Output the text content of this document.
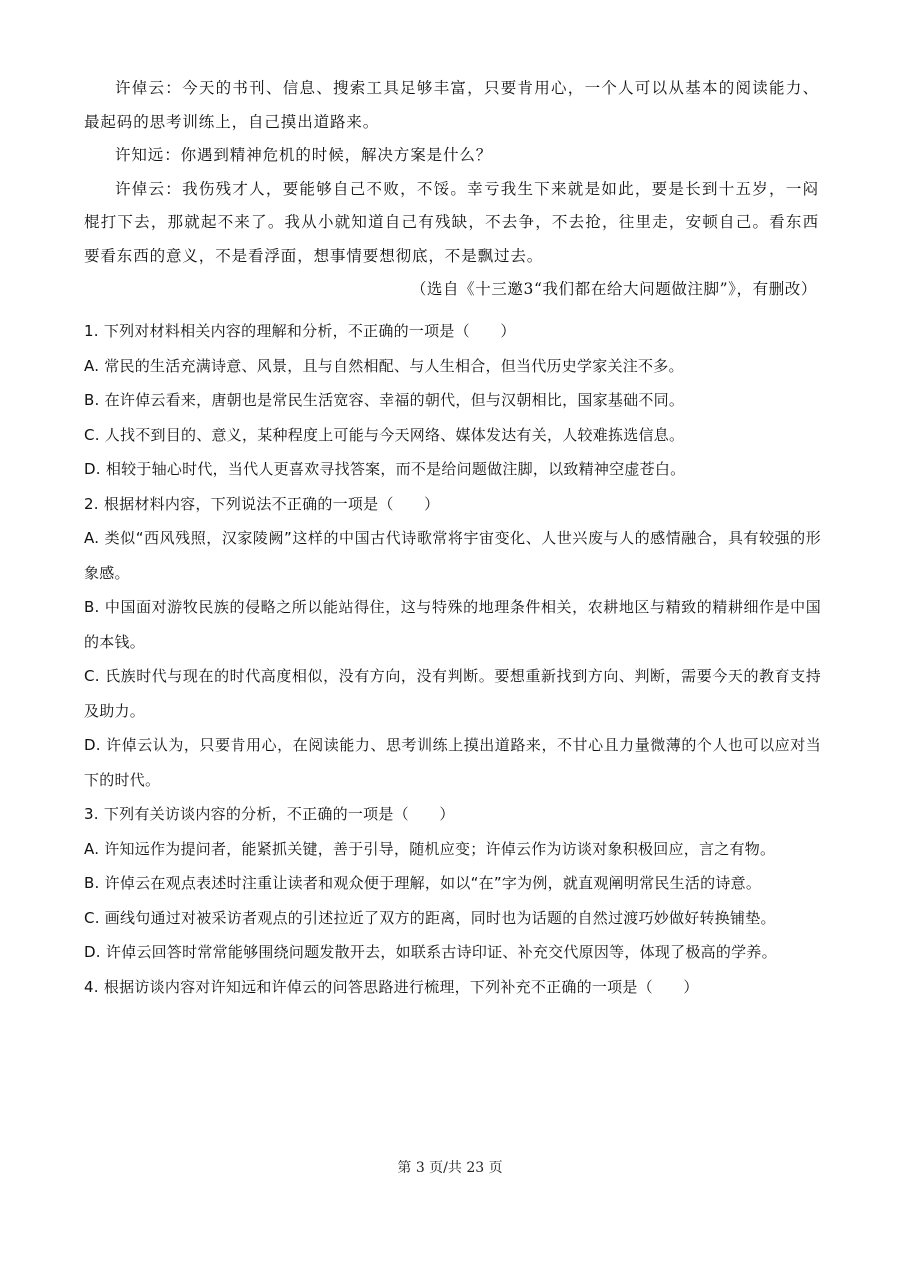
许倬云：今天的书刊、信息、搜索工具足够丰富，只要肯用心，一个人可以从基本的阅读能力、最起码的思考训练上，自己摸出道路来。

许知远：你遇到精神危机的时候，解决方案是什么？

许倬云：我伤残才人，要能够自己不败，不馁。幸亏我生下来就是如此，要是长到十五岁，一闷棍打下去，那就起不来了。我从小就知道自己有残缺，不去争，不去抢，往里走，安顿自己。看东西要看东西的意义，不是看浮面，想事情要想彻底，不是飘过去。

（选自《十三邀3“我们都在给大问题做注脚”》，有删改）

1. 下列对材料相关内容的理解和分析，不正确的一项是（　　）

A. 常民的生活充满诗意、风景，且与自然相配、与人生相合，但当代历史学家关注不多。

B. 在许倬云看来，唐朝也是常民生活宽容、幸福的朝代，但与汉朝相比，国家基础不同。

C. 人找不到目的、意义，某种程度上可能与今天网络、媒体发达有关，人较难拣选信息。

D. 相较于轴心时代，当代人更喜欢寻找答案，而不是给问题做注脚，以致精神空虚苍白。

2. 根据材料内容，下列说法不正确的一项是（　　）

A. 类似“西风残照，汉家陵阙”这样的中国古代诗歌常将宇宙变化、人世兴废与人的感情融合，具有较强的形象感。

B. 中国面对游牧民族的侵略之所以能站得住，这与特殊的地理条件相关，农耕地区与精致的精耕细作是中国的本钱。

C. 氏族时代与现在的时代高度相似，没有方向，没有判断。要想重新找到方向、判断，需要今天的教育支持及助力。

D. 许倬云认为，只要肯用心，在阅读能力、思考训练上摸出道路来，不甘心且力量微薄的个人也可以应对当下的时代。

3. 下列有关访谈内容的分析，不正确的一项是（　　）

A. 许知远作为提问者，能紧抓关键，善于引导，随机应变；许倬云作为访谈对象积极回应，言之有物。

B. 许倬云在观点表述时注重让读者和观众便于理解，如以“在”字为例，就直观阐明常民生活的诗意。

C. 画线句通过对被采访者观点的引述拉近了双方的距离，同时也为话题的自然过渡巧妙做好转换铺垫。

D. 许倬云回答时常常能够围绕问题发散开去，如联系古诗印证、补充交代原因等，体现了极高的学养。

4. 根据访谈内容对许知远和许倬云的问答思路进行梳理，下列补充不正确的一项是（　　）

第 3 页/共 23 页
